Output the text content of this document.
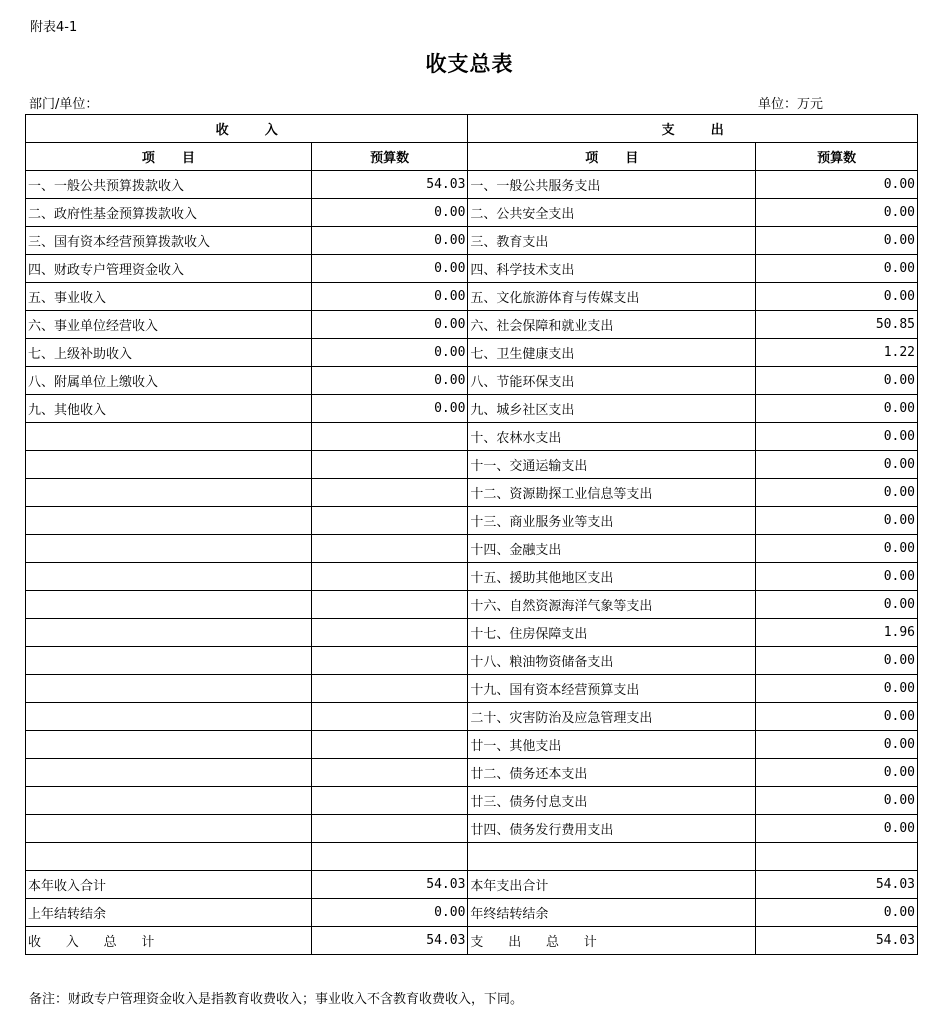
附表4-1
收支总表
部门/单位：	单位：万元
收        入		支        出	
项      目	预算数	项      目	预算数
一、一般公共预算拨款收入	54.03	一、一般公共服务支出	0.00
二、政府性基金预算拨款收入	0.00	二、公共安全支出	0.00
三、国有资本经营预算拨款收入	0.00	三、教育支出	0.00
四、财政专户管理资金收入	0.00	四、科学技术支出	0.00
五、事业收入	0.00	五、文化旅游体育与传媒支出	0.00
六、事业单位经营收入	0.00	六、社会保障和就业支出	50.85
七、上级补助收入	0.00	七、卫生健康支出	1.22
八、附属单位上缴收入	0.00	八、节能环保支出	0.00
九、其他收入	0.00	九、城乡社区支出	0.00
		十、农林水支出	0.00
		十一、交通运输支出	0.00
		十二、资源勘探工业信息等支出	0.00
		十三、商业服务业等支出	0.00
		十四、金融支出	0.00
		十五、援助其他地区支出	0.00
		十六、自然资源海洋气象等支出	0.00
		十七、住房保障支出	1.96
		十八、粮油物资储备支出	0.00
		十九、国有资本经营预算支出	0.00
		二十、灾害防治及应急管理支出	0.00
		廿一、其他支出	0.00
		廿二、债务还本支出	0.00
		廿三、债务付息支出	0.00
		廿四、债务发行费用支出	0.00

本年收入合计	54.03	本年支出合计	54.03
上年结转结余	0.00	年终结转结余	0.00
收      入      总      计	54.03	支      出      总      计	54.03
备注：财政专户管理资金收入是指教育收费收入；事业收入不含教育收费收入，下同。
